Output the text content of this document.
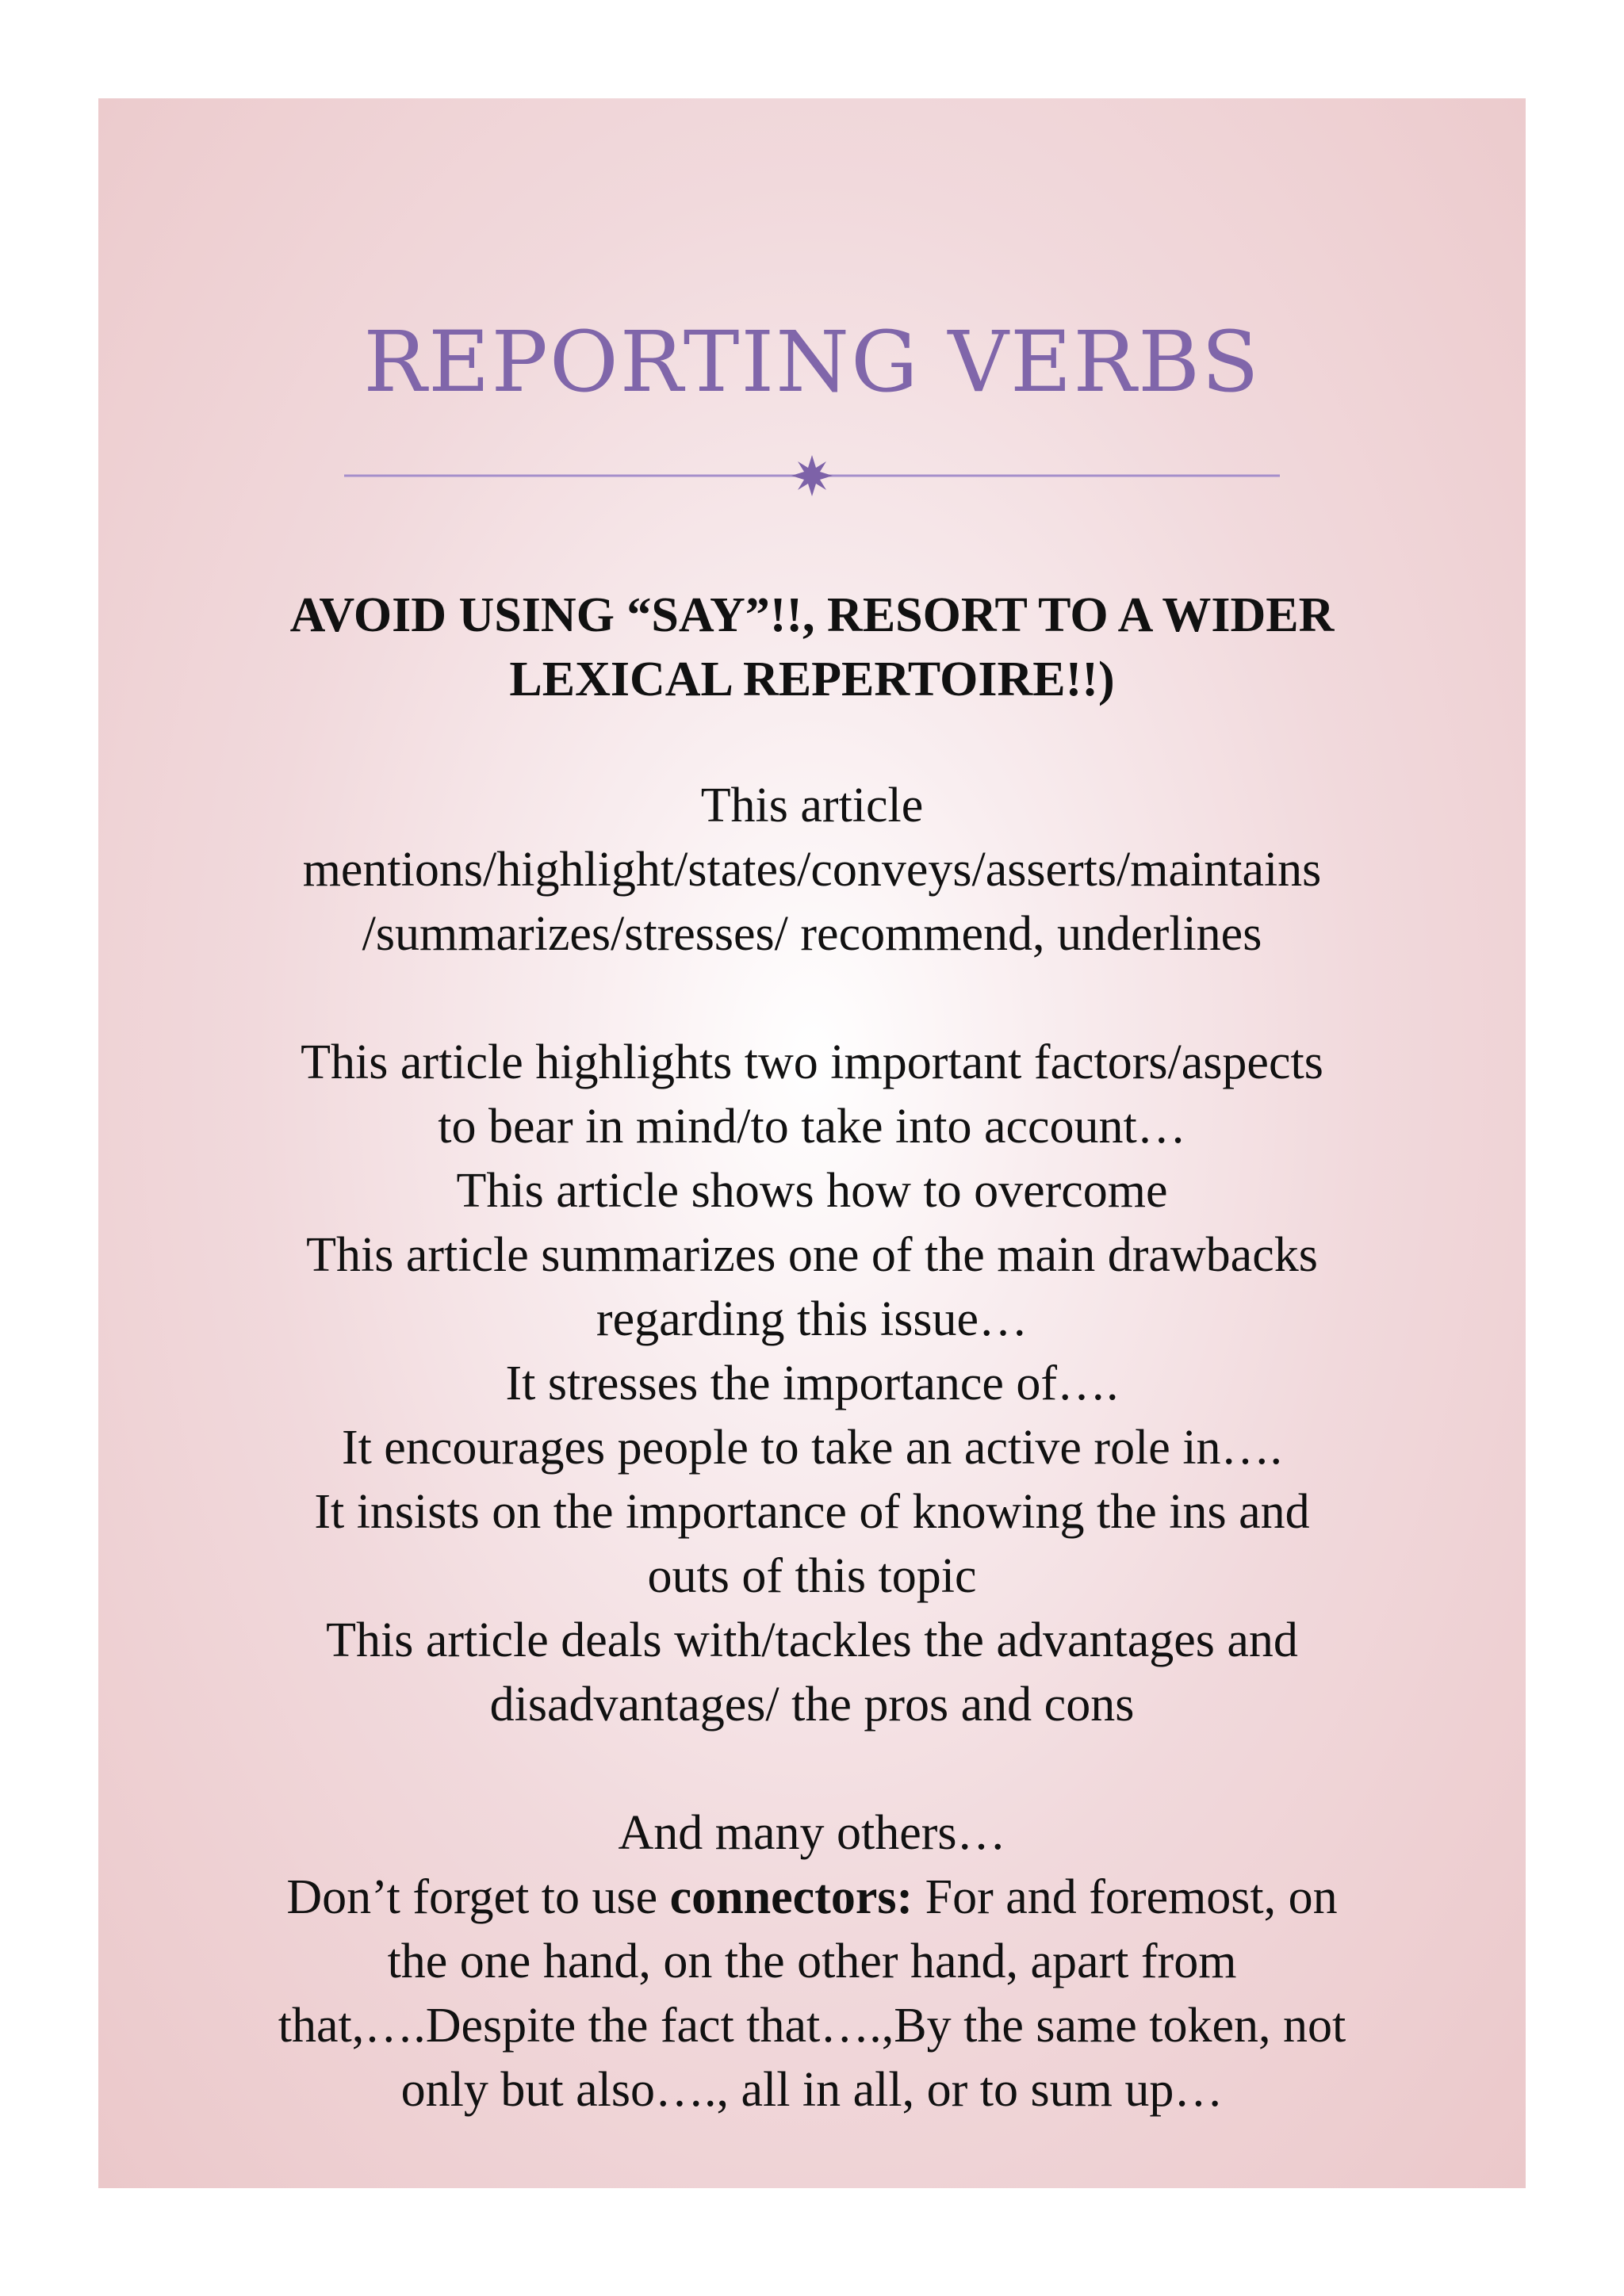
REPORTING VERBS
AVOID USING “SAY”!!, RESORT TO A WIDER
LEXICAL REPERTOIRE!!)

This article

mentions/highlight/states/conveys/asserts/maintains

/summarizes/stresses/ recommend, underlines

This article highlights two important factors/aspects

to bear in mind/to take into account…

This article shows how to overcome

This article summarizes one of the main drawbacks

regarding this issue…

It stresses the importance of….

It encourages people to take an active role in….

It insists on the importance of knowing the ins and

outs of this topic

This article deals with/tackles the advantages and

disadvantages/ the pros and cons

And many others…

Don’t forget to use connectors: For and foremost, on

the one hand, on the other hand, apart from

that,….Despite the fact that….,By the same token, not

only but also…., all in all, or to sum up…
